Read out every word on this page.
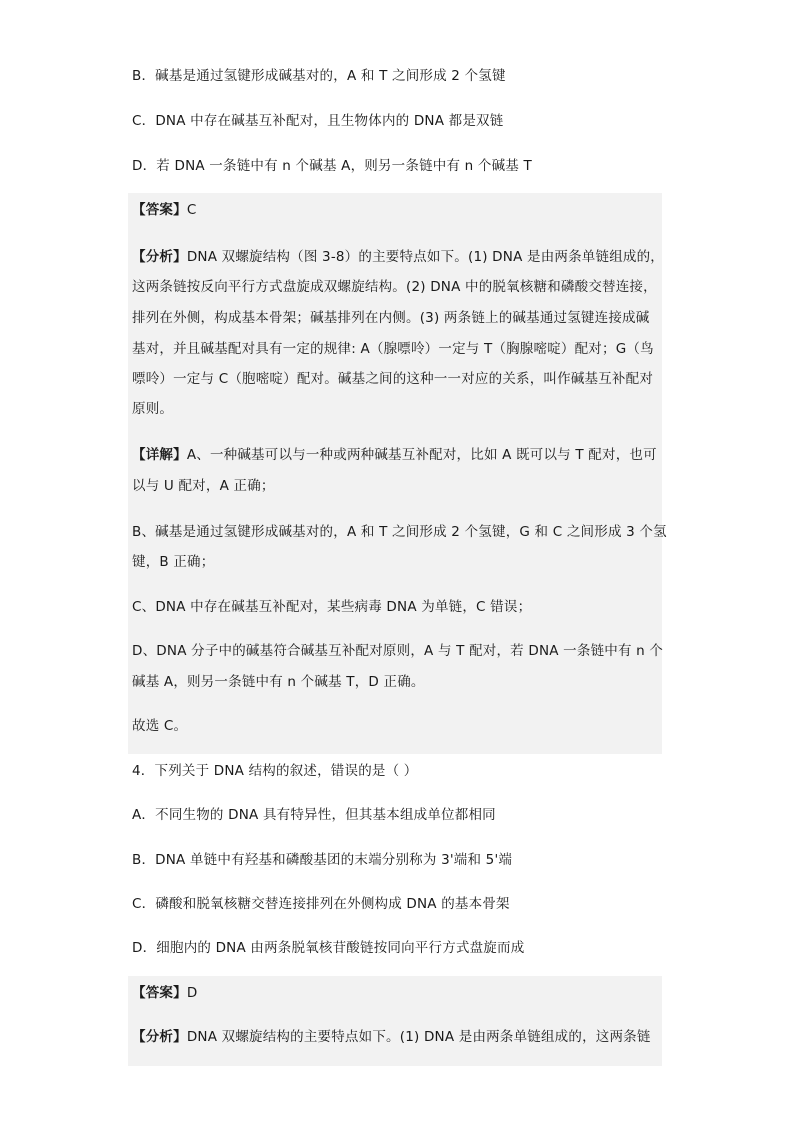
B．碱基是通过氢键形成碱基对的，A 和 T 之间形成 2 个氢键
C．DNA 中存在碱基互补配对，且生物体内的 DNA 都是双链
D．若 DNA 一条链中有 n 个碱基 A，则另一条链中有 n 个碱基 T
【答案】C
【分析】DNA 双螺旋结构（图 3-8）的主要特点如下。(1) DNA 是由两条单链组成的，
这两条链按反向平行方式盘旋成双螺旋结构。(2) DNA 中的脱氧核糖和磷酸交替连接，
排列在外侧，构成基本骨架；碱基排列在内侧。(3) 两条链上的碱基通过氢键连接成碱
基对，并且碱基配对具有一定的规律: A（腺嘌呤）一定与 T（胸腺嘧啶）配对；G（鸟
嘌呤）一定与 C（胞嘧啶）配对。碱基之间的这种一一对应的关系，叫作碱基互补配对
原则。
【详解】A、一种碱基可以与一种或两种碱基互补配对，比如 A 既可以与 T 配对，也可
以与 U 配对，A 正确；
B、碱基是通过氢键形成碱基对的，A 和 T 之间形成 2 个氢键，G 和 C 之间形成 3 个氢
键，B 正确；
C、DNA 中存在碱基互补配对，某些病毒 DNA 为单链，C 错误；
D、DNA 分子中的碱基符合碱基互补配对原则，A 与 T 配对，若 DNA 一条链中有 n 个
碱基 A，则另一条链中有 n 个碱基 T，D 正确。
故选 C。
4．下列关于 DNA 结构的叙述，错误的是（ ）
A．不同生物的 DNA 具有特异性，但其基本组成单位都相同
B．DNA 单链中有羟基和磷酸基团的末端分别称为 3'端和 5'端
C．磷酸和脱氧核糖交替连接排列在外侧构成 DNA 的基本骨架
D．细胞内的 DNA 由两条脱氧核苷酸链按同向平行方式盘旋而成
【答案】D
【分析】DNA 双螺旋结构的主要特点如下。(1) DNA 是由两条单链组成的，这两条链
